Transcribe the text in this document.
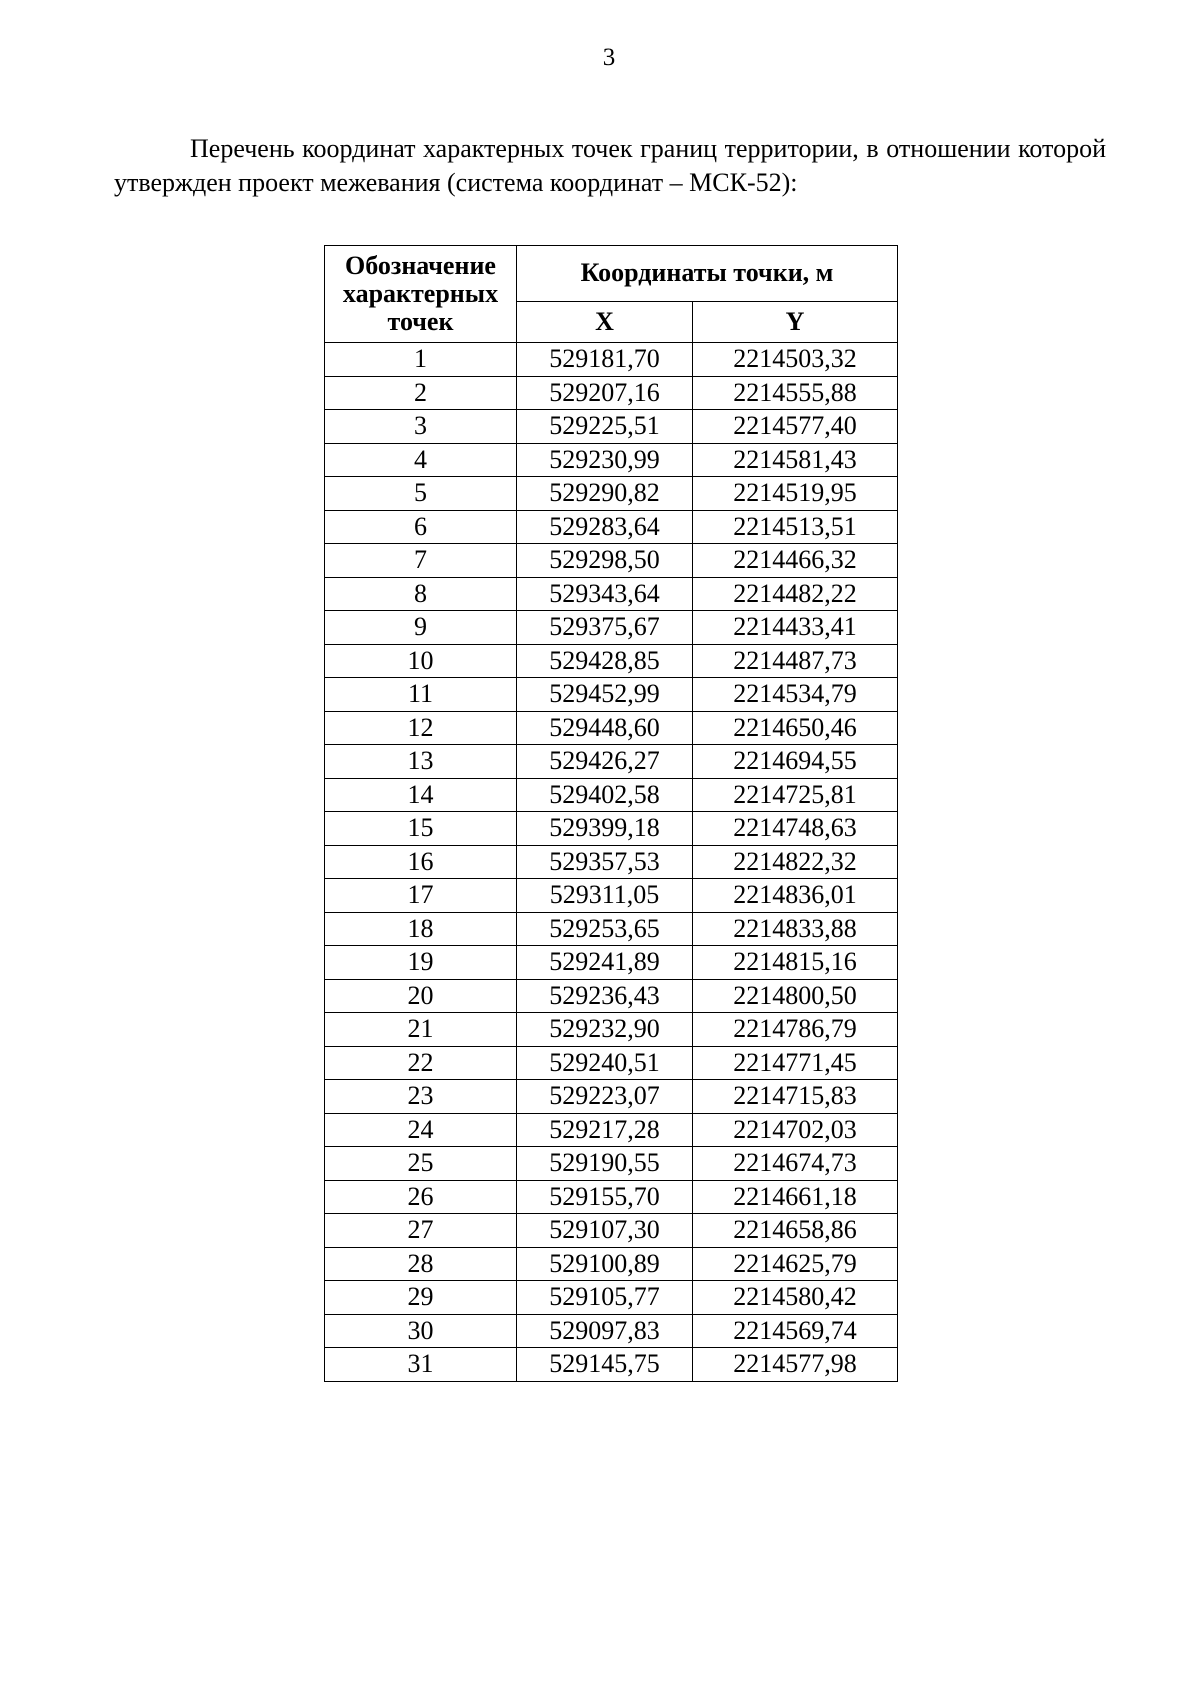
3

Перечень координат характерных точек границ территории, в отношении которой утвержден проект межевания (система координат – МСК-52):

Обозначение характерных точек	Координаты точки, м	
	X	Y
1	529181,70	2214503,32
2	529207,16	2214555,88
3	529225,51	2214577,40
4	529230,99	2214581,43
5	529290,82	2214519,95
6	529283,64	2214513,51
7	529298,50	2214466,32
8	529343,64	2214482,22
9	529375,67	2214433,41
10	529428,85	2214487,73
11	529452,99	2214534,79
12	529448,60	2214650,46
13	529426,27	2214694,55
14	529402,58	2214725,81
15	529399,18	2214748,63
16	529357,53	2214822,32
17	529311,05	2214836,01
18	529253,65	2214833,88
19	529241,89	2214815,16
20	529236,43	2214800,50
21	529232,90	2214786,79
22	529240,51	2214771,45
23	529223,07	2214715,83
24	529217,28	2214702,03
25	529190,55	2214674,73
26	529155,70	2214661,18
27	529107,30	2214658,86
28	529100,89	2214625,79
29	529105,77	2214580,42
30	529097,83	2214569,74
31	529145,75	2214577,98
